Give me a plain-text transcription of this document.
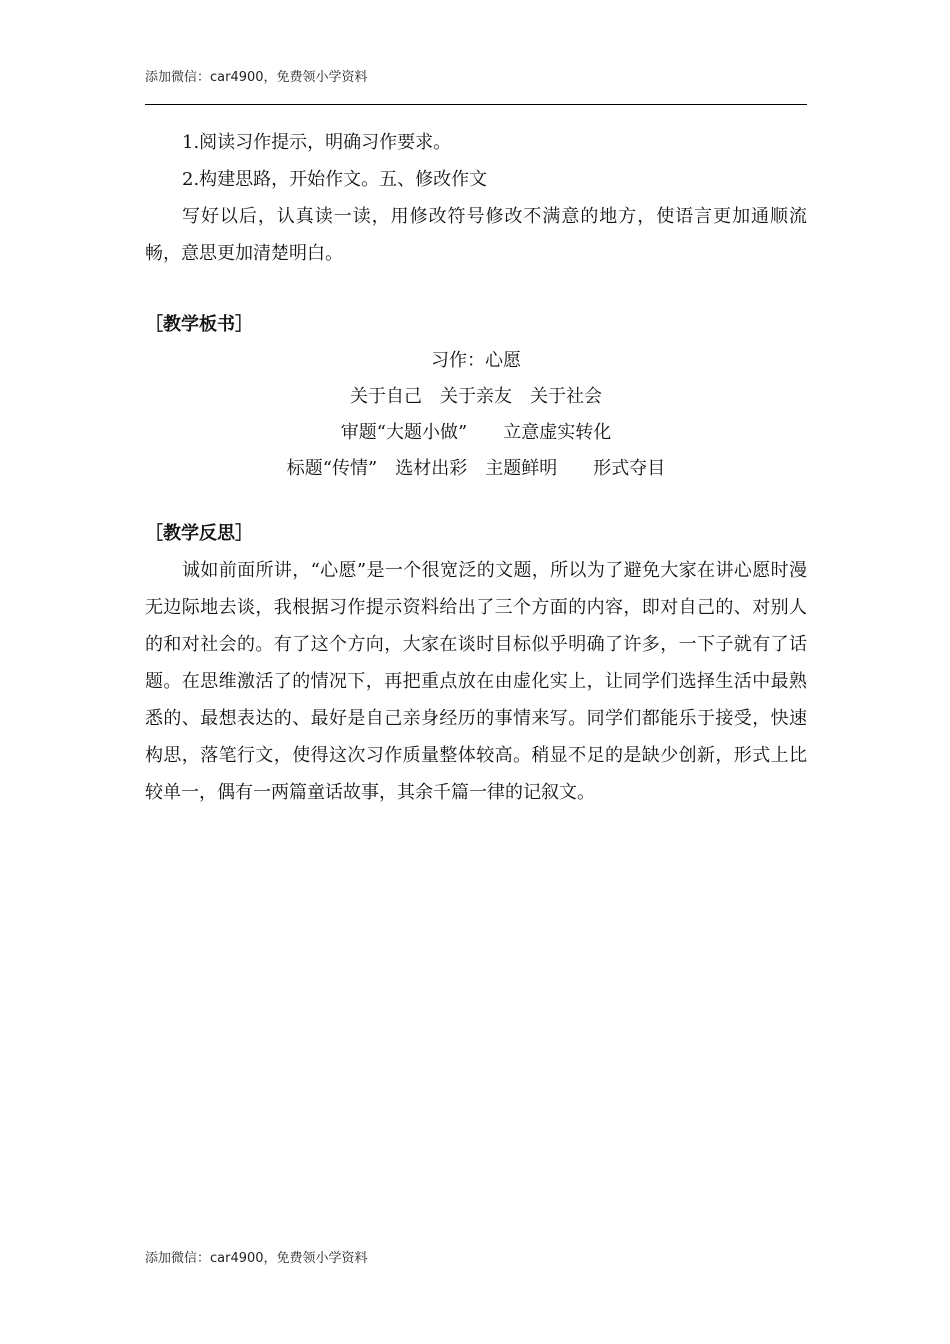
添加微信：car4900，免费领小学资料

1.阅读习作提示，明确习作要求。

2.构建思路，开始作文。五、修改作文

写好以后，认真读一读，用修改符号修改不满意的地方，使语言更加通顺流畅，意思更加清楚明白。

［教学板书］

习作：心愿

关于自己　关于亲友　关于社会

审题“大题小做”　　立意虚实转化

标题“传情”　选材出彩　主题鲜明　　形式夺目

［教学反思］

诚如前面所讲，“心愿”是一个很宽泛的文题，所以为了避免大家在讲心愿时漫无边际地去谈，我根据习作提示资料给出了三个方面的内容，即对自己的、对别人的和对社会的。有了这个方向，大家在谈时目标似乎明确了许多，一下子就有了话题。在思维激活了的情况下，再把重点放在由虚化实上，让同学们选择生活中最熟悉的、最想表达的、最好是自己亲身经历的事情来写。同学们都能乐于接受，快速构思，落笔行文，使得这次习作质量整体较高。稍显不足的是缺少创新，形式上比较单一，偶有一两篇童话故事，其余千篇一律的记叙文。

添加微信：car4900，免费领小学资料
